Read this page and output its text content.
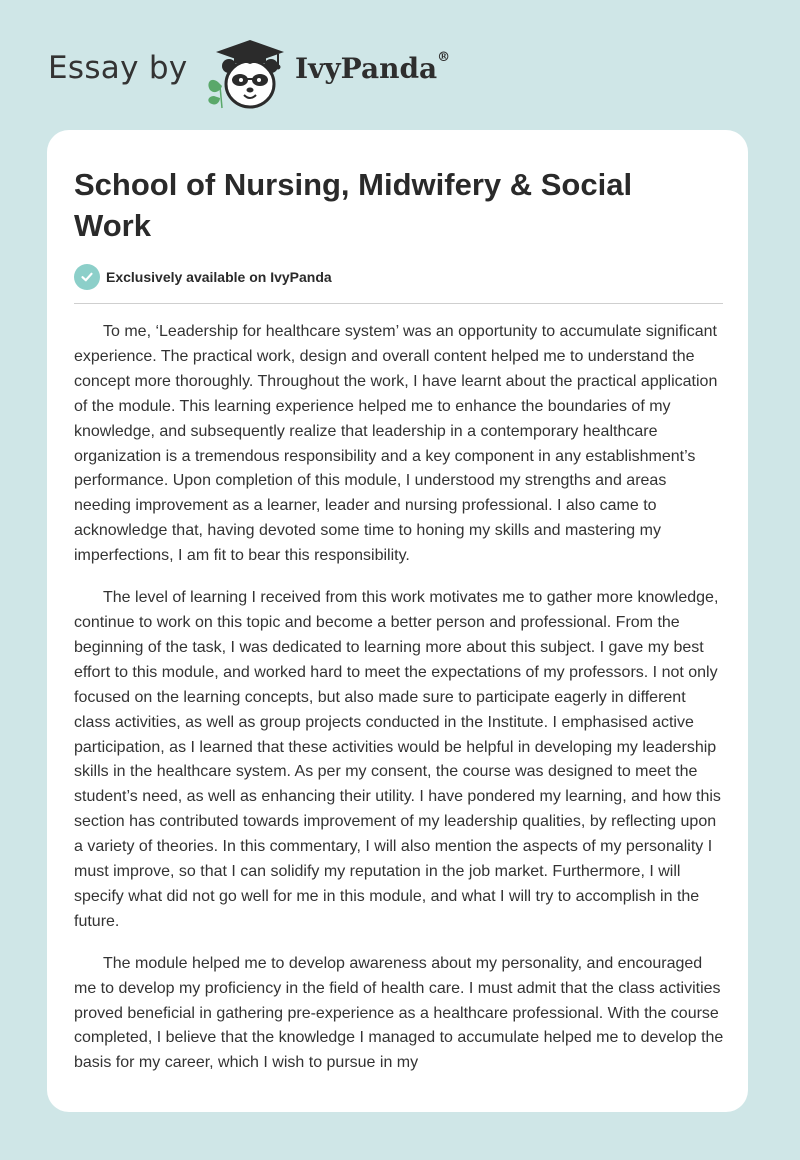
Essay by	IvyPanda®
School of Nursing, Midwifery & Social Work
Exclusively available on IvyPanda

To me, ‘Leadership for healthcare system’ was an opportunity to accumulate significant experience. The practical work, design and overall content helped me to understand the concept more thoroughly. Throughout the work, I have learnt about the practical application of the module. This learning experience helped me to enhance the boundaries of my knowledge, and subsequently realize that leadership in a contemporary healthcare organization is a tremendous responsibility and a key component in any establishment’s performance. Upon completion of this module, I understood my strengths and areas needing improvement as a learner, leader and nursing professional. I also came to acknowledge that, having devoted some time to honing my skills and mastering my imperfections, I am fit to bear this responsibility.

The level of learning I received from this work motivates me to gather more knowledge, continue to work on this topic and become a better person and professional. From the beginning of the task, I was dedicated to learning more about this subject. I gave my best effort to this module, and worked hard to meet the expectations of my professors. I not only focused on the learning concepts, but also made sure to participate eagerly in different class activities, as well as group projects conducted in the Institute. I emphasised active participation, as I learned that these activities would be helpful in developing my leadership skills in the healthcare system. As per my consent, the course was designed to meet the student’s need, as well as enhancing their utility. I have pondered my learning, and how this section has contributed towards improvement of my leadership qualities, by reflecting upon a variety of theories. In this commentary, I will also mention the aspects of my personality I must improve, so that I can solidify my reputation in the job market. Furthermore, I will specify what did not go well for me in this module, and what I will try to accomplish in the future.

The module helped me to develop awareness about my personality, and encouraged me to develop my proficiency in the field of health care. I must admit that the class activities proved beneficial in gathering pre-experience as a healthcare professional. With the course completed, I believe that the knowledge I managed to accumulate helped me to develop the basis for my career, which I wish to pursue in my
